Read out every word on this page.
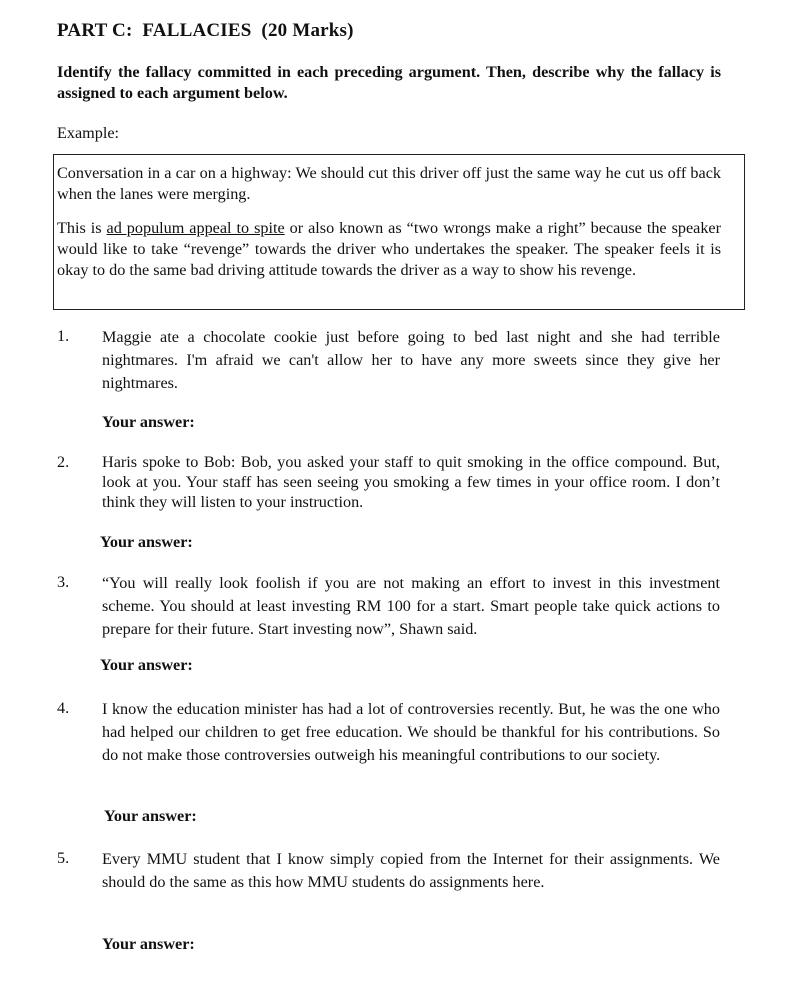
PART C:  FALLACIES  (20 Marks)
Identify the fallacy committed in each preceding argument. Then, describe why the fallacy is assigned to each argument below.
Example:

Conversation in a car on a highway: We should cut this driver off just the same way he cut us off back when the lanes were merging.

This is ad populum appeal to spite or also known as “two wrongs make a right” because the speaker would like to take “revenge” towards the driver who undertakes the speaker. The speaker feels it is okay to do the same bad driving attitude towards the driver as a way to show his revenge.

1. Maggie ate a chocolate cookie just before going to bed last night and she had terrible nightmares. I'm afraid we can't allow her to have any more sweets since they give her nightmares.
Your answer:
2. Haris spoke to Bob: Bob, you asked your staff to quit smoking in the office compound. But, look at you. Your staff has seen seeing you smoking a few times in your office room. I don’t think they will listen to your instruction.
Your answer:
3. “You will really look foolish if you are not making an effort to invest in this investment scheme. You should at least investing RM 100 for a start. Smart people take quick actions to prepare for their future. Start investing now”, Shawn said.
Your answer:
4. I know the education minister has had a lot of controversies recently. But, he was the one who had helped our children to get free education. We should be thankful for his contributions. So do not make those controversies outweigh his meaningful contributions to our society.
Your answer:
5. Every MMU student that I know simply copied from the Internet for their assignments. We should do the same as this how MMU students do assignments here.
Your answer:
